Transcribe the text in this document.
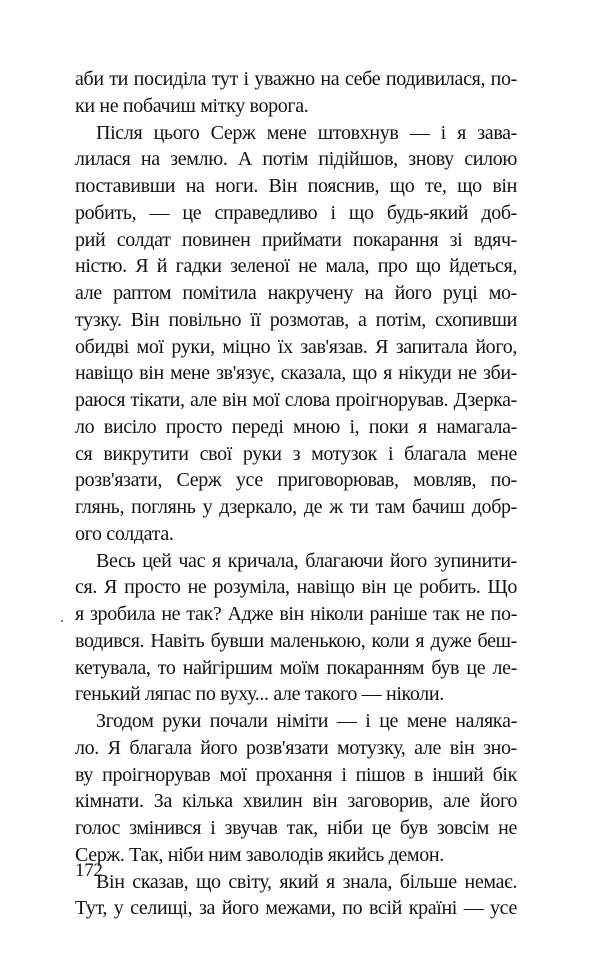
аби ти посиділа тут і уважно на себе подивилася, по-
ки не побачиш мітку ворога.
Після цього Серж мене штовхнув — і я зава-
лилася на землю. А потім підійшов, знову силою
поставивши на ноги. Він пояснив, що те, що він
робить, — це справедливо і що будь-який доб-
рий солдат повинен приймати покарання зі вдяч-
ністю. Я й гадки зеленої не мала, про що йдеться,
але раптом помітила накручену на його руці мо-
тузку. Він повільно її розмотав, а потім, схопивши
обидві мої руки, міцно їх зав'язав. Я запитала його,
навіщо він мене зв'язує, сказала, що я нікуди не зби-
раюся тікати, але він мої слова проігнорував. Дзерка-
ло висіло просто переді мною і, поки я намагала-
ся викрутити свої руки з мотузок і благала мене
розв'язати, Серж усе приговорював, мовляв, по-
глянь, поглянь у дзеркало, де ж ти там бачиш добр-
ого солдата.
Весь цей час я кричала, благаючи його зупинити-
ся. Я просто не розуміла, навіщо він це робить. Що
я зробила не так? Адже він ніколи раніше так не по-
водився. Навіть бувши маленькою, коли я дуже беш-
кетувала, то найгіршим моїм покаранням був це ле-
генький ляпас по вуху... але такого — ніколи.
Згодом руки почали німіти — і це мене налякa-
ло. Я благала його розв'язати мотузку, але він зно-
ву проігнорував мої прохання і пішов в інший бік
кімнати. За кілька хвилин він заговорив, але його
голос змінився і звучав так, ніби це був зовсім не
Серж. Так, ніби ним заволодів якийсь демон.
Він сказав, що світу, який я знала, більше немає.
Тут, у селищі, за його межами, по всій країні — усе
172
